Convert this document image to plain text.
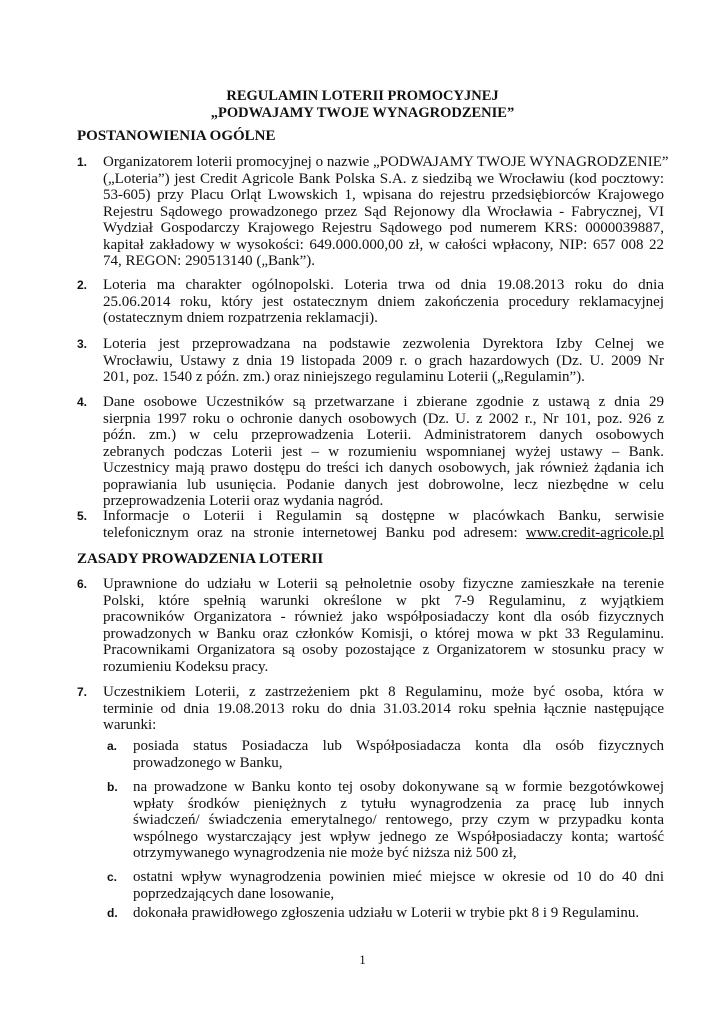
REGULAMIN LOTERII PROMOCYJNEJ
„PODWAJAMY TWOJE WYNAGRODZENIE”
POSTANOWIENIA OGÓLNE
ZASADY PROWADZENIA LOTERII
1. Organizatorem loterii promocyjnej o nazwie „PODWAJAMY TWOJE WYNAGRODZENIE”
(„Loteria”) jest Credit Agricole Bank Polska S.A. z siedzibą we Wrocławiu (kod pocztowy:
53-605) przy Placu Orląt Lwowskich 1, wpisana do rejestru przedsiębiorców Krajowego
Rejestru Sądowego prowadzonego przez Sąd Rejonowy dla Wrocławia - Fabrycznej, VI
Wydział Gospodarczy Krajowego Rejestru Sądowego pod numerem KRS: 0000039887,
kapitał zakładowy w wysokości: 649.000.000,00 zł, w całości wpłacony, NIP: 657 008 22
74, REGON: 290513140 („Bank”).
2. Loteria ma charakter ogólnopolski. Loteria trwa od dnia 19.08.2013 roku do dnia
25.06.2014 roku, który jest ostatecznym dniem zakończenia procedury reklamacyjnej
(ostatecznym dniem rozpatrzenia reklamacji).
3. Loteria jest przeprowadzana na podstawie zezwolenia Dyrektora Izby Celnej we
Wrocławiu, Ustawy z dnia 19 listopada 2009 r. o grach hazardowych (Dz. U. 2009 Nr
201, poz. 1540 z późn. zm.) oraz niniejszego regulaminu Loterii („Regulamin”).
4. Dane osobowe Uczestników są przetwarzane i zbierane zgodnie z ustawą z dnia 29
sierpnia 1997 roku o ochronie danych osobowych (Dz. U. z 2002 r., Nr 101, poz. 926 z
późn. zm.) w celu przeprowadzenia Loterii. Administratorem danych osobowych
zebranych podczas Loterii jest – w rozumieniu wspomnianej wyżej ustawy – Bank.
Uczestnicy mają prawo dostępu do treści ich danych osobowych, jak również żądania ich
poprawiania lub usunięcia. Podanie danych jest dobrowolne, lecz niezbędne w celu
przeprowadzenia Loterii oraz wydania nagród.
5. Informacje o Loterii i Regulamin są dostępne w placówkach Banku, serwisie
telefonicznym oraz na stronie internetowej Banku pod adresem: www.credit-agricole.pl
6. Uprawnione do udziału w Loterii są pełnoletnie osoby fizyczne zamieszkałe na terenie
Polski, które spełnią warunki określone w pkt 7-9 Regulaminu, z wyjątkiem
pracowników Organizatora - również jako współposiadaczy kont dla osób fizycznych
prowadzonych w Banku oraz członków Komisji, o której mowa w pkt 33 Regulaminu.
Pracownikami Organizatora są osoby pozostające z Organizatorem w stosunku pracy w
rozumieniu Kodeksu pracy.
7. Uczestnikiem Loterii, z zastrzeżeniem pkt 8 Regulaminu, może być osoba, która w
terminie od dnia 19.08.2013 roku do dnia 31.03.2014 roku spełnia łącznie następujące
warunki:
a. posiada status Posiadacza lub Współposiadacza konta dla osób fizycznych
prowadzonego w Banku,
b. na prowadzone w Banku konto tej osoby dokonywane są w formie bezgotówkowej
wpłaty środków pieniężnych z tytułu wynagrodzenia za pracę lub innych
świadczeń/ świadczenia emerytalnego/ rentowego, przy czym w przypadku konta
wspólnego wystarczający jest wpływ jednego ze Współposiadaczy konta; wartość
otrzymywanego wynagrodzenia nie może być niższa niż 500 zł,
c. ostatni wpływ wynagrodzenia powinien mieć miejsce w okresie od 10 do 40 dni
poprzedzających dane losowanie,
d. dokonała prawidłowego zgłoszenia udziału w Loterii w trybie pkt 8 i 9 Regulaminu.
1
